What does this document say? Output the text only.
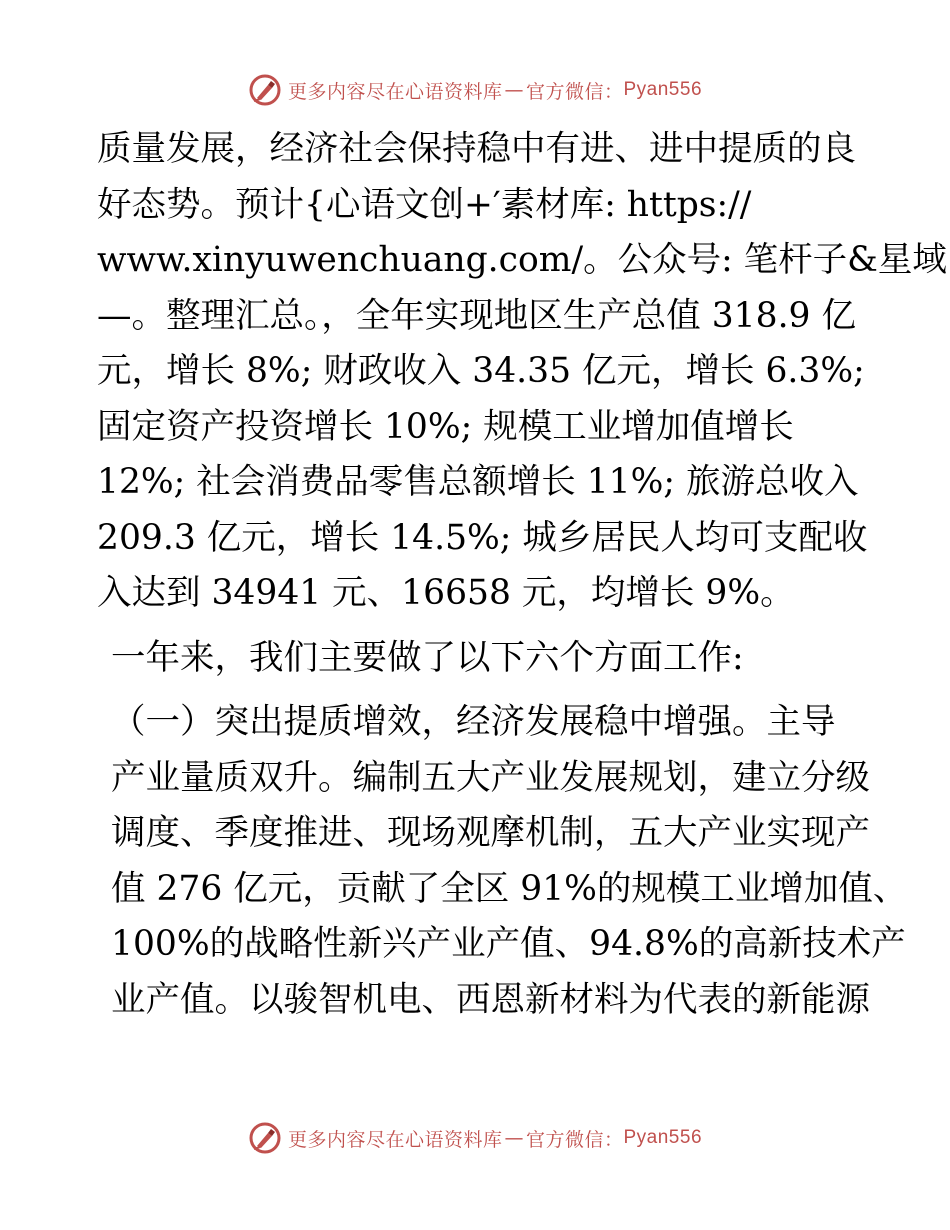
更多内容尽在心语资料库 — 官方微信： Pyan556

质量发展，经济社会保持稳中有进、进中提质的良
好态势。预计{心语文创+′素材库: https://
www.xinyuwenchuang.com/。公众号: 笔杆子&星域
—。整理汇总。，全年实现地区生产总值 318.9 亿
元，增长 8%; 财政收入 34.35 亿元，增长 6.3%;
固定资产投资增长 10%; 规模工业增加值增长
12%; 社会消费品零售总额增长 11%; 旅游总收入
209.3 亿元，增长 14.5%; 城乡居民人均可支配收
入达到 34941 元、16658 元，均增长 9%。

一年来，我们主要做了以下六个方面工作:

（一）突出提质增效，经济发展稳中增强。主导
产业量质双升。编制五大产业发展规划，建立分级
调度、季度推进、现场观摩机制，五大产业实现产
值 276 亿元，贡献了全区 91%的规模工业增加值、
100%的战略性新兴产业产值、94.8%的高新技术产
业产值。以骏智机电、西恩新材料为代表的新能源

更多内容尽在心语资料库 — 官方微信： Pyan556
